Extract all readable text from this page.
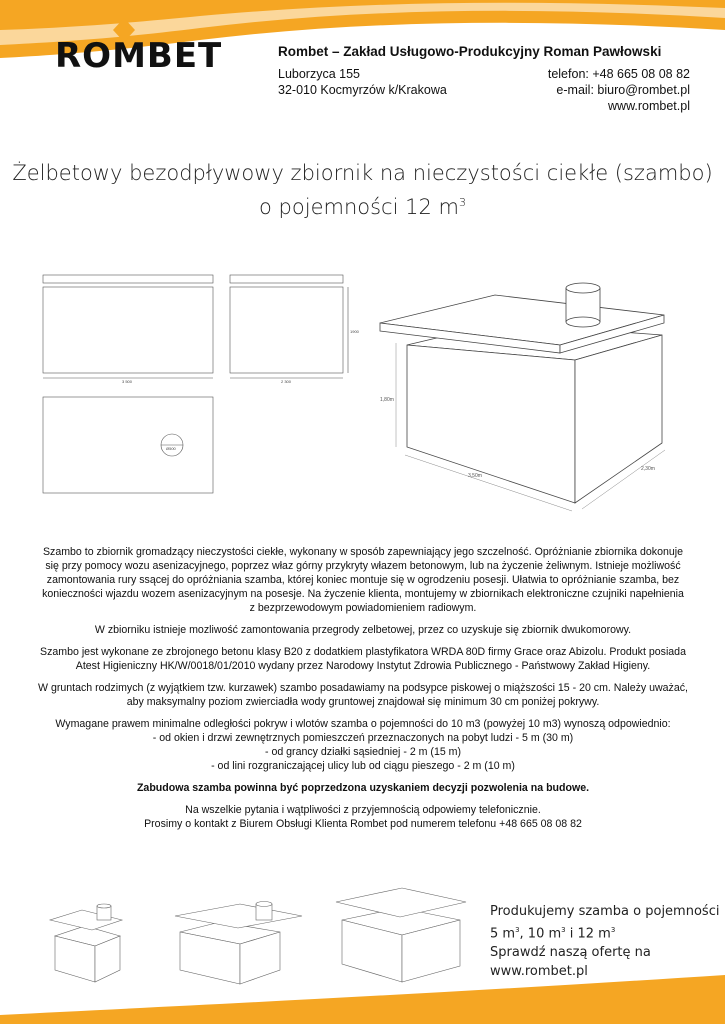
ROMBET	Rombet – Zakład Usługowo-Produkcyjny Roman Pawłowski
Luborzyca 155
32-010 Kocmyrzów k/Krakowa
telefon: +48 665 08 08 82
e-mail: biuro@rombet.pl
www.rombet.pl
Żelbetowy bezodpływowy zbiornik na nieczystości ciekłe (szambo)
o pojemności 12 $m^3$
3 500	2 300
Ø500
1900
1,80m
3,50m
2,30m

Szambo to zbiornik gromadzący nieczystości ciekłe, wykonany w sposób zapewniający jego szczelność. Opróżnianie zbiornika dokonuje się przy pomocy wozu asenizacyjnego, poprzez właz górny przykryty włazem betonowym, lub na życzenie żeliwnym. Istnieje możliwość zamontowania rury ssącej do opróżniania szamba, której koniec montuje się w ogrodzeniu posesji. Ułatwia to opróżnianie szamba, bez konieczności wjazdu wozem asenizacyjnym na posesje. Na życzenie klienta, montujemy w zbiornikach elektroniczne czujniki napełnienia z bezprzewodowym powiadomieniem radiowym.

W zbiorniku istnieje mozliwość zamontowania przegrody zelbetowej, przez co uzyskuje się zbiornik dwukomorowy.

Szambo jest wykonane ze zbrojonego betonu klasy B20 z dodatkiem plastyfikatora WRDA 80D firmy Grace oraz Abizolu. Produkt posiada Atest Higieniczny HK/W/0018/01/2010 wydany przez Narodowy Instytut Zdrowia Publicznego - Państwowy Zakład Higieny.

W gruntach rodzimych (z wyjątkiem tzw. kurzawek) szambo posadawiamy na podsypce piskowej o miąższości 15 - 20 cm. Należy uważać, aby maksymalny poziom zwierciadła wody gruntowej znajdował się minimum 30 cm poniżej pokrywy.

Wymagane prawem minimalne odległości pokryw i wlotów szamba o pojemności do 10 m3 (powyżej 10 m3) wynoszą odpowiednio:
- od okien i drzwi zewnętrznych pomieszczeń przeznaczonych na pobyt ludzi - 5 m (30 m)
- od grancy działki sąsiedniej - 2 m (15 m)
- od lini rozgraniczającej ulicy lub od ciągu pieszego - 2 m (10 m)

Zabudowa szamba powinna być poprzedzona uzyskaniem decyzji pozwolenia na budowe.

Na wszelkie pytania i wątpliwości z przyjemnością odpowiemy telefonicznie.
Prosimy o kontakt z Biurem Obsługi Klienta Rombet pod numerem telefonu +48 665 08 08 82

Produkujemy szamba o pojemności
5 $m^3$, 10 $m^3$ i 12 $m^3$
Sprawdź naszą ofertę na
www.rombet.pl
